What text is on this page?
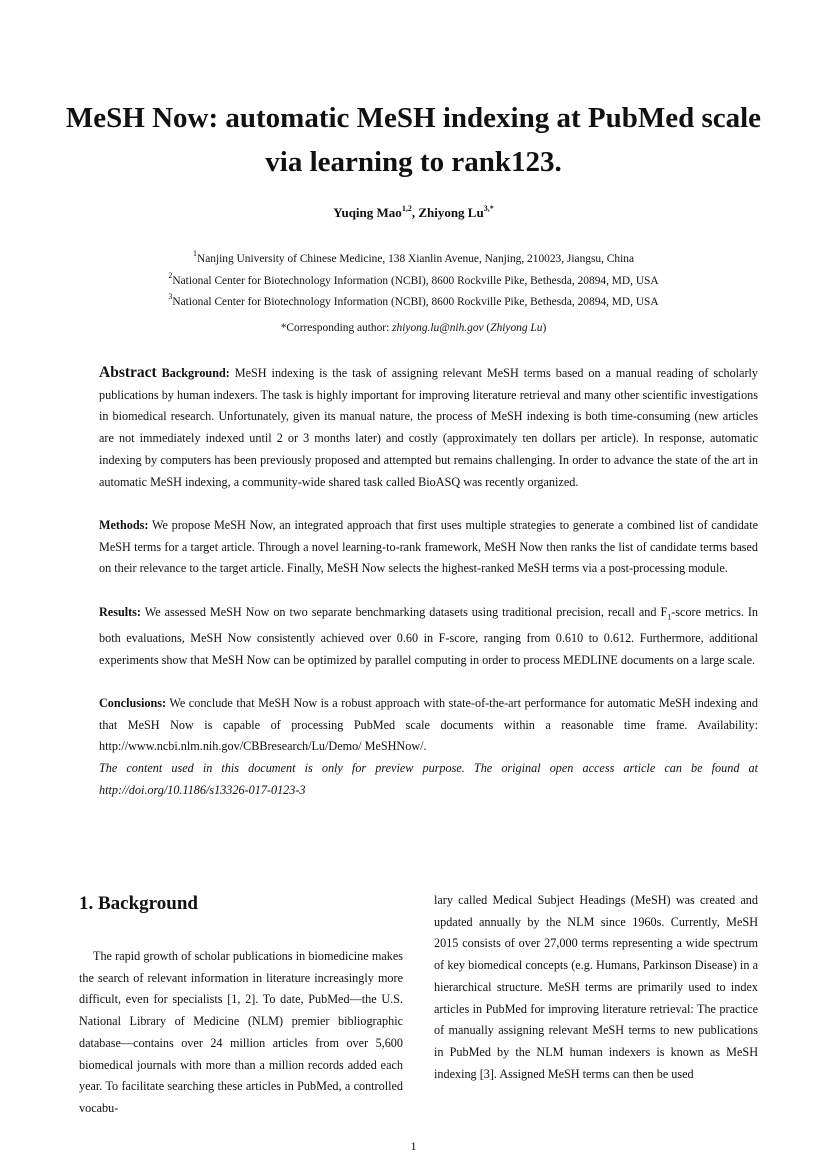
MeSH Now: automatic MeSH indexing at PubMed scale via learning to rank123.
Yuqing Mao$^{1,2}$, Zhiyong $Lu^{3,*}$
$^1$Nanjing University of Chinese Medicine, 138 Xianlin Avenue, Nanjing, 210023, Jiangsu, China
$^2$National Center for Biotechnology Information (NCBI), 8600 Rockville Pike, Bethesda, 20894, MD, USA
$^3$National Center for Biotechnology Information (NCBI), 8600 Rockville Pike, Bethesda, 20894, MD, USA
*Corresponding author: zhiyong.lu@nih.gov (Zhiyong Lu)

Abstract Background: MeSH indexing is the task of assigning relevant MeSH terms based on a manual reading of scholarly publications by human indexers. The task is highly important for improving literature retrieval and many other scientific investigations in biomedical research. Unfortunately, given its manual nature, the process of MeSH indexing is both time-consuming (new articles are not immediately indexed until 2 or 3 months later) and costly (approximately ten dollars per article). In response, automatic indexing by computers has been previously proposed and attempted but remains challenging. In order to advance the state of the art in automatic MeSH indexing, a community-wide shared task called BioASQ was recently organized.

Methods: We propose MeSH Now, an integrated approach that first uses multiple strategies to generate a combined list of candidate MeSH terms for a target article. Through a novel learning-to-rank framework, MeSH Now then ranks the list of candidate terms based on their relevance to the target article. Finally, MeSH Now selects the highest-ranked MeSH terms via a post-processing module.

Results: We assessed MeSH Now on two separate benchmarking datasets using traditional precision, recall and $F_1$-score metrics. In both evaluations, MeSH Now consistently achieved over 0.60 in F-score, ranging from 0.610 to 0.612. Furthermore, additional experiments show that MeSH Now can be optimized by parallel computing in order to process MEDLINE documents on a large scale.

Conclusions: We conclude that MeSH Now is a robust approach with state-of-the-art performance for automatic MeSH indexing and that MeSH Now is capable of processing PubMed scale documents within a reasonable time frame. Availability: http://www.ncbi.nlm.nih.gov/CBBresearch/Lu/Demo/ MeSHNow/.

The content used in this document is only for preview purpose. The original open access article can be found at http://doi.org/10.1186/s13326-017-0123-3

1. Background

The rapid growth of scholar publications in biomedicine makes the search of relevant information in literature increasingly more difficult, even for specialists [1, 2]. To date, PubMed—the U.S. National Library of Medicine (NLM) premier bibliographic database—contains over 24 million articles from over 5,600 biomedical journals with more than a million records added each year. To facilitate searching these articles in PubMed, a controlled vocabu-

lary called Medical Subject Headings (MeSH) was created and updated annually by the NLM since 1960s. Currently, MeSH 2015 consists of over 27,000 terms representing a wide spectrum of key biomedical concepts (e.g. Humans, Parkinson Disease) in a hierarchical structure. MeSH terms are primarily used to index articles in PubMed for improving literature retrieval: The practice of manually assigning relevant MeSH terms to new publications in PubMed by the NLM human indexers is known as MeSH indexing [3]. Assigned MeSH terms can then be used

1
